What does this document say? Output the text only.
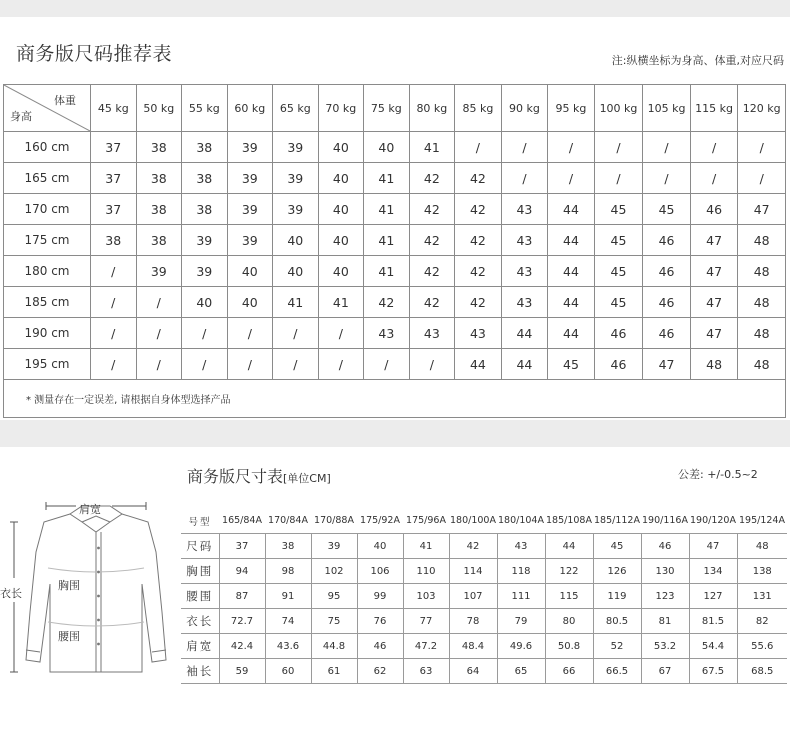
商务版尺码推荐表	注:纵横坐标为身高、体重,对应尺码
体重
身高	45 kg	50 kg	55 kg	60 kg	65 kg	70 kg	75 kg	80 kg	85 kg	90 kg	95 kg	100 kg	105 kg	115 kg	120 kg
160 cm	37	38	38	39	39	40	40	41	/	/	/	/	/	/	/
165 cm	37	38	38	39	39	40	41	42	42	/	/	/	/	/	/
170 cm	37	38	38	39	39	40	41	42	42	43	44	45	45	46	47
175 cm	38	38	39	39	40	40	41	42	42	43	44	45	46	47	48
180 cm	/	39	39	40	40	40	41	42	42	43	44	45	46	47	48
185 cm	/	/	40	40	41	41	42	42	42	43	44	45	46	47	48
190 cm	/	/	/	/	/	/	43	43	43	44	44	46	46	47	48
195 cm	/	/	/	/	/	/	/	/	44	44	45	46	47	48	48
* 测量存在一定误差, 请根据自身体型选择产品															
商务版尺寸表[单位CM]	公差: +/-0.5~2
肩宽
胸围
腰围
衣长
号型	165/84A	170/84A	170/88A	175/92A	175/96A	180/100A	180/104A	185/108A	185/112A	190/116A	190/120A	195/124A
尺码	37	38	39	40	41	42	43	44	45	46	47	48
胸围	94	98	102	106	110	114	118	122	126	130	134	138
腰围	87	91	95	99	103	107	111	115	119	123	127	131
衣长	72.7	74	75	76	77	78	79	80	80.5	81	81.5	82
肩宽	42.4	43.6	44.8	46	47.2	48.4	49.6	50.8	52	53.2	54.4	55.6
袖长	59	60	61	62	63	64	65	66	66.5	67	67.5	68.5
